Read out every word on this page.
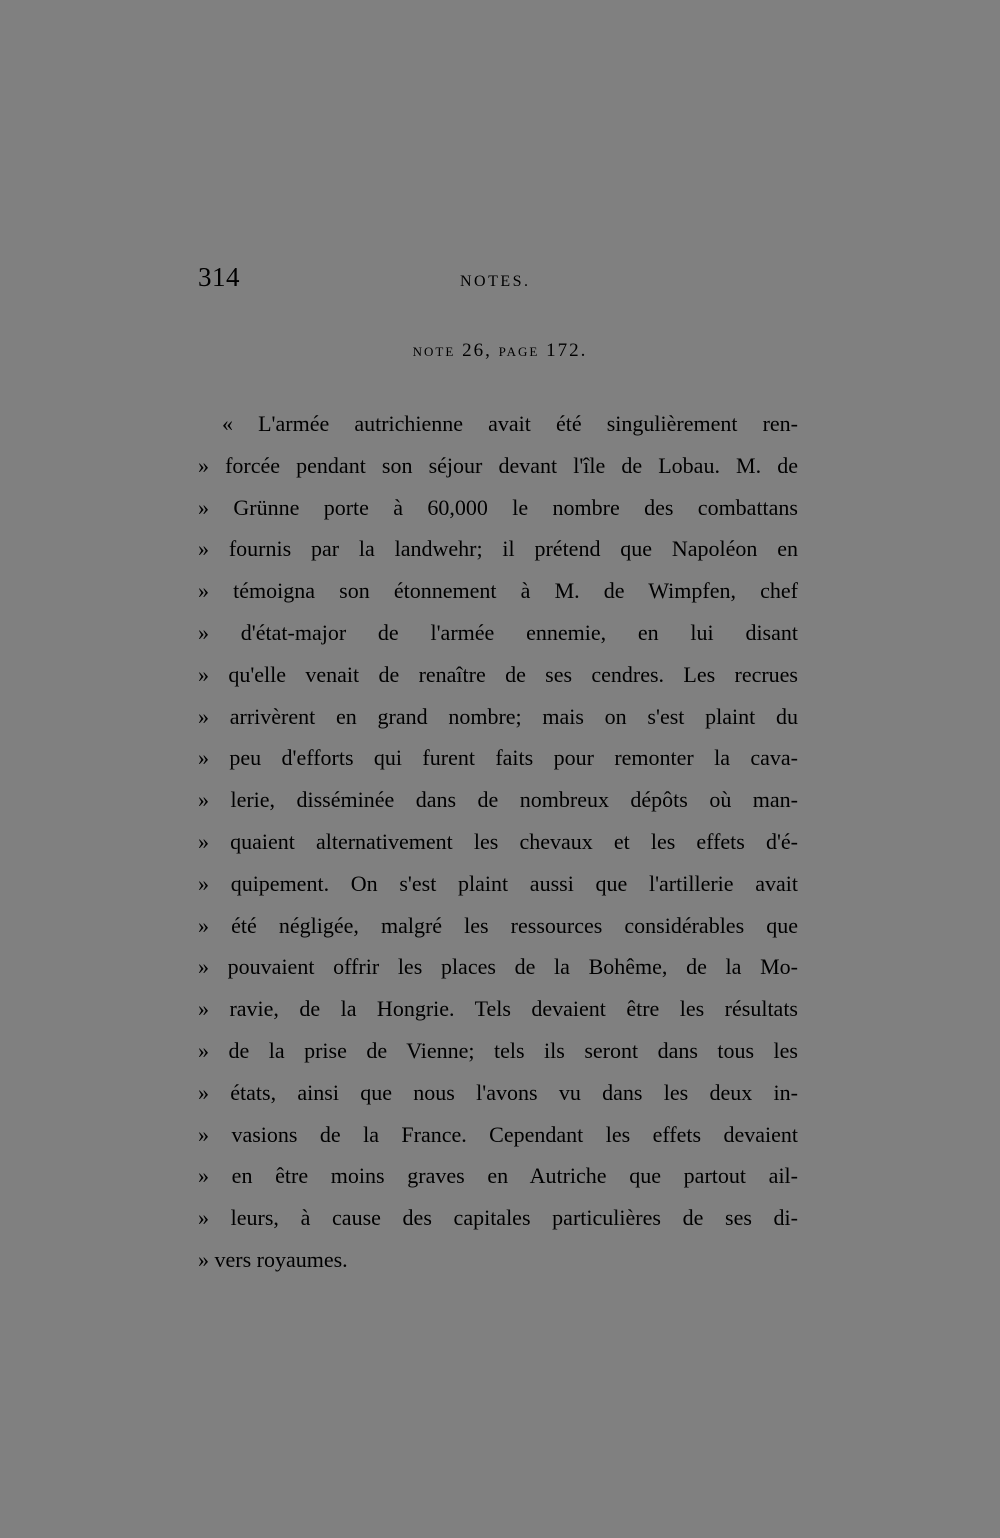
314	NOTES.
NOTE 26, PAGE 172.
« L'armée autrichienne avait été singulièrement ren-
» forcée pendant son séjour devant l'île de Lobau. M. de
» Grünne porte à 60,000 le nombre des combattans
» fournis par la landwehr; il prétend que Napoléon en
» témoigna son étonnement à M. de Wimpfen, chef
» d'état-major de l'armée ennemie, en lui disant
» qu'elle venait de renaître de ses cendres. Les recrues
» arrivèrent en grand nombre; mais on s'est plaint du
» peu d'efforts qui furent faits pour remonter la cava-
» lerie, disséminée dans de nombreux dépôts où man-
» quaient alternativement les chevaux et les effets d'é-
» quipement. On s'est plaint aussi que l'artillerie avait
» été négligée, malgré les ressources considérables que
» pouvaient offrir les places de la Bohême, de la Mo-
» ravie, de la Hongrie. Tels devaient être les résultats
» de la prise de Vienne; tels ils seront dans tous les
» états, ainsi que nous l'avons vu dans les deux in-
» vasions de la France. Cependant les effets devaient
» en être moins graves en Autriche que partout ail-
» leurs, à cause des capitales particulières de ses di-
» vers royaumes.
